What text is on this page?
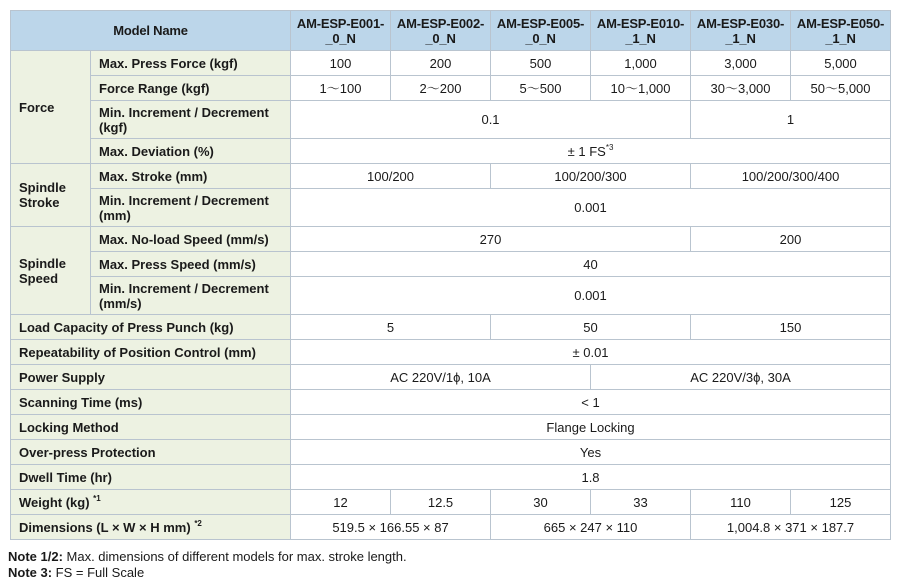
Model Name		AM-ESP-E001-_0_N	AM-ESP-E002-_0_N	AM-ESP-E005-_0_N	AM-ESP-E010-_1_N	AM-ESP-E030-_1_N	AM-ESP-E050-_1_N
Force	Max. Press Force (kgf)	100	200	500	1,000	3,000	5,000
	Force Range (kgf)	1～100	2～200	5～500	10～1,000	30～3,000	50～5,000
	Min. Increment / Decrement (kgf)	0.1				1	
	Max. Deviation (%)	± 1 FS$^{*3}$
Spindle Stroke	Max. Stroke (mm)	100/200		100/200/300		100/200/300/400	
	Min. Increment / Decrement (mm)	0.001					
Spindle Speed	Max. No-load Speed (mm/s)	270				200	
	Max. Press Speed (mm/s)	40					
	Min. Increment / Decrement (mm/s)	0.001					
Load Capacity of Press Punch (kg)		5		50		150	
Repeatability of Position Control (mm)		± 0.01					
Power Supply		AC 220V/1ϕ, 10A			AC 220V/3ϕ, 30A		
Scanning Time (ms)		< 1					
Locking Method		Flange Locking					
Over-press Protection		Yes					
Dwell Time (hr)		1.8					
Weight (kg) $^{*1}$		12	12.5	30	33	110	125
Dimensions (L × W × H mm) $^{*2}$		519.5 × 166.55 × 87		665 × 247 × 110		1,004.8 × 371 × 187.7	
Note 1/2: Max. dimensions of different models for max. stroke length.
Note 3: FS = Full Scale
